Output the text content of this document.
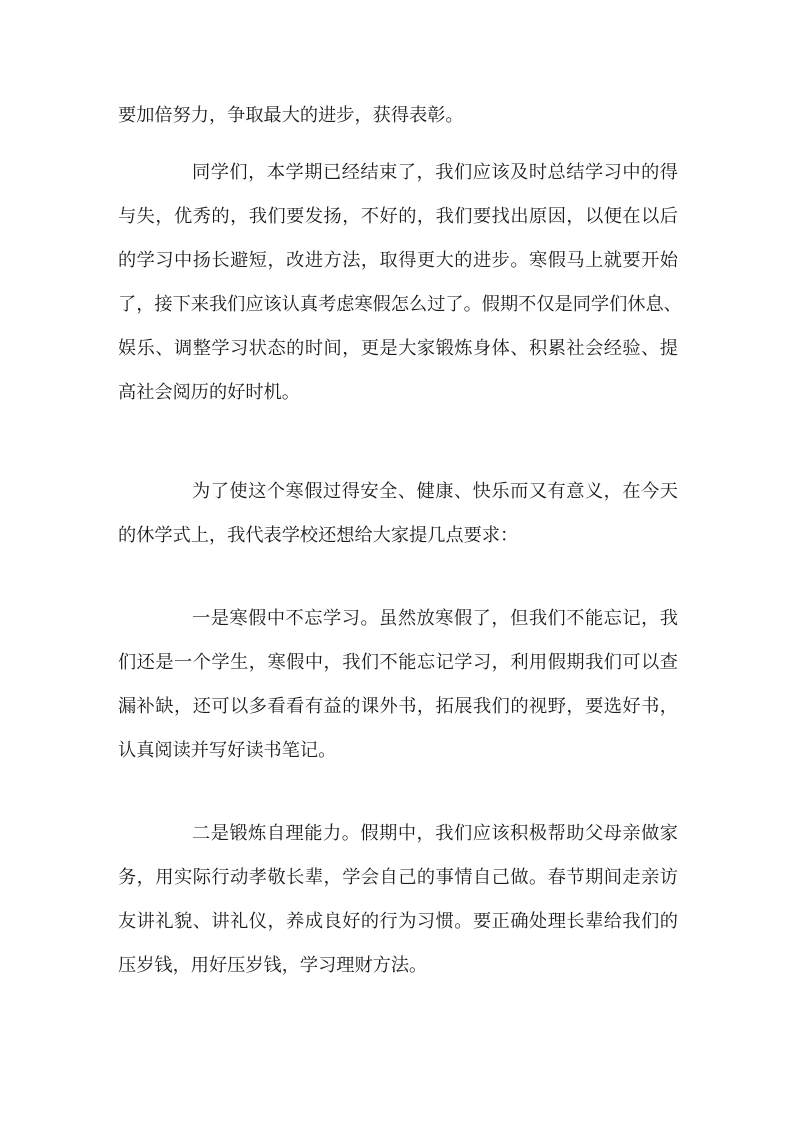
要加倍努力，争取最大的进步，获得表彰。
同学们，本学期已经结束了，我们应该及时总结学习中的得
与失，优秀的，我们要发扬，不好的，我们要找出原因，以便在以后
的学习中扬长避短，改进方法，取得更大的进步。寒假马上就要开始
了，接下来我们应该认真考虑寒假怎么过了。假期不仅是同学们休息、
娱乐、调整学习状态的时间，更是大家锻炼身体、积累社会经验、提
高社会阅历的好时机。
为了使这个寒假过得安全、健康、快乐而又有意义，在今天
的休学式上，我代表学校还想给大家提几点要求：
一是寒假中不忘学习。虽然放寒假了，但我们不能忘记，我
们还是一个学生，寒假中，我们不能忘记学习，利用假期我们可以查
漏补缺，还可以多看看有益的课外书，拓展我们的视野，要选好书，
认真阅读并写好读书笔记。
二是锻炼自理能力。假期中，我们应该积极帮助父母亲做家
务，用实际行动孝敬长辈，学会自己的事情自己做。春节期间走亲访
友讲礼貌、讲礼仪，养成良好的行为习惯。要正确处理长辈给我们的
压岁钱，用好压岁钱，学习理财方法。
